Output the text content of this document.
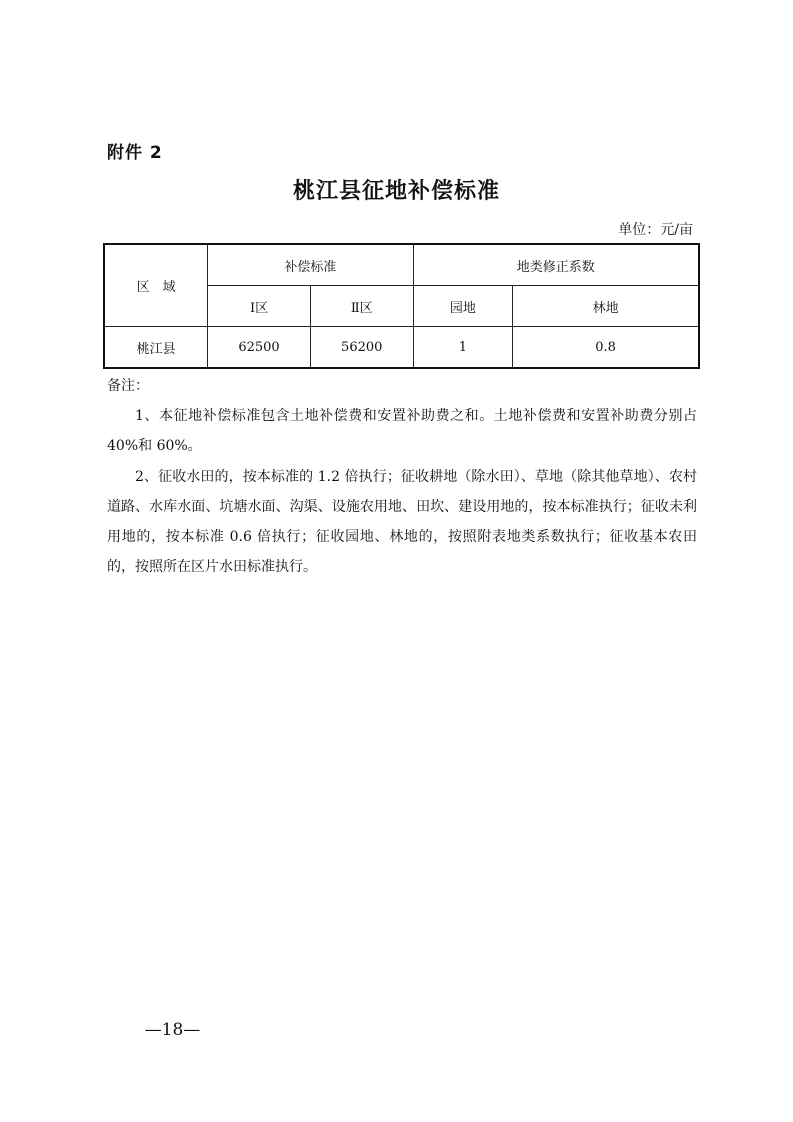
附件 2
桃江县征地补偿标准
单位：元/亩
区　域	补偿标准		地类修正系数	
	Ⅰ区	Ⅱ区	园地	林地
桃江县	62500	56200	1	0.8
备注：
1、本征地补偿标准包含土地补偿费和安置补助费之和。土地补偿费和安置补助费分别占 40%和 60%。
2、征收水田的，按本标准的 1.2 倍执行；征收耕地（除水田）、草地（除其他草地）、农村道路、水库水面、坑塘水面、沟渠、设施农用地、田坎、建设用地的，按本标准执行；征收未利用地的，按本标准 0.6 倍执行；征收园地、林地的，按照附表地类系数执行；征收基本农田的，按照所在区片水田标准执行。
—18—
